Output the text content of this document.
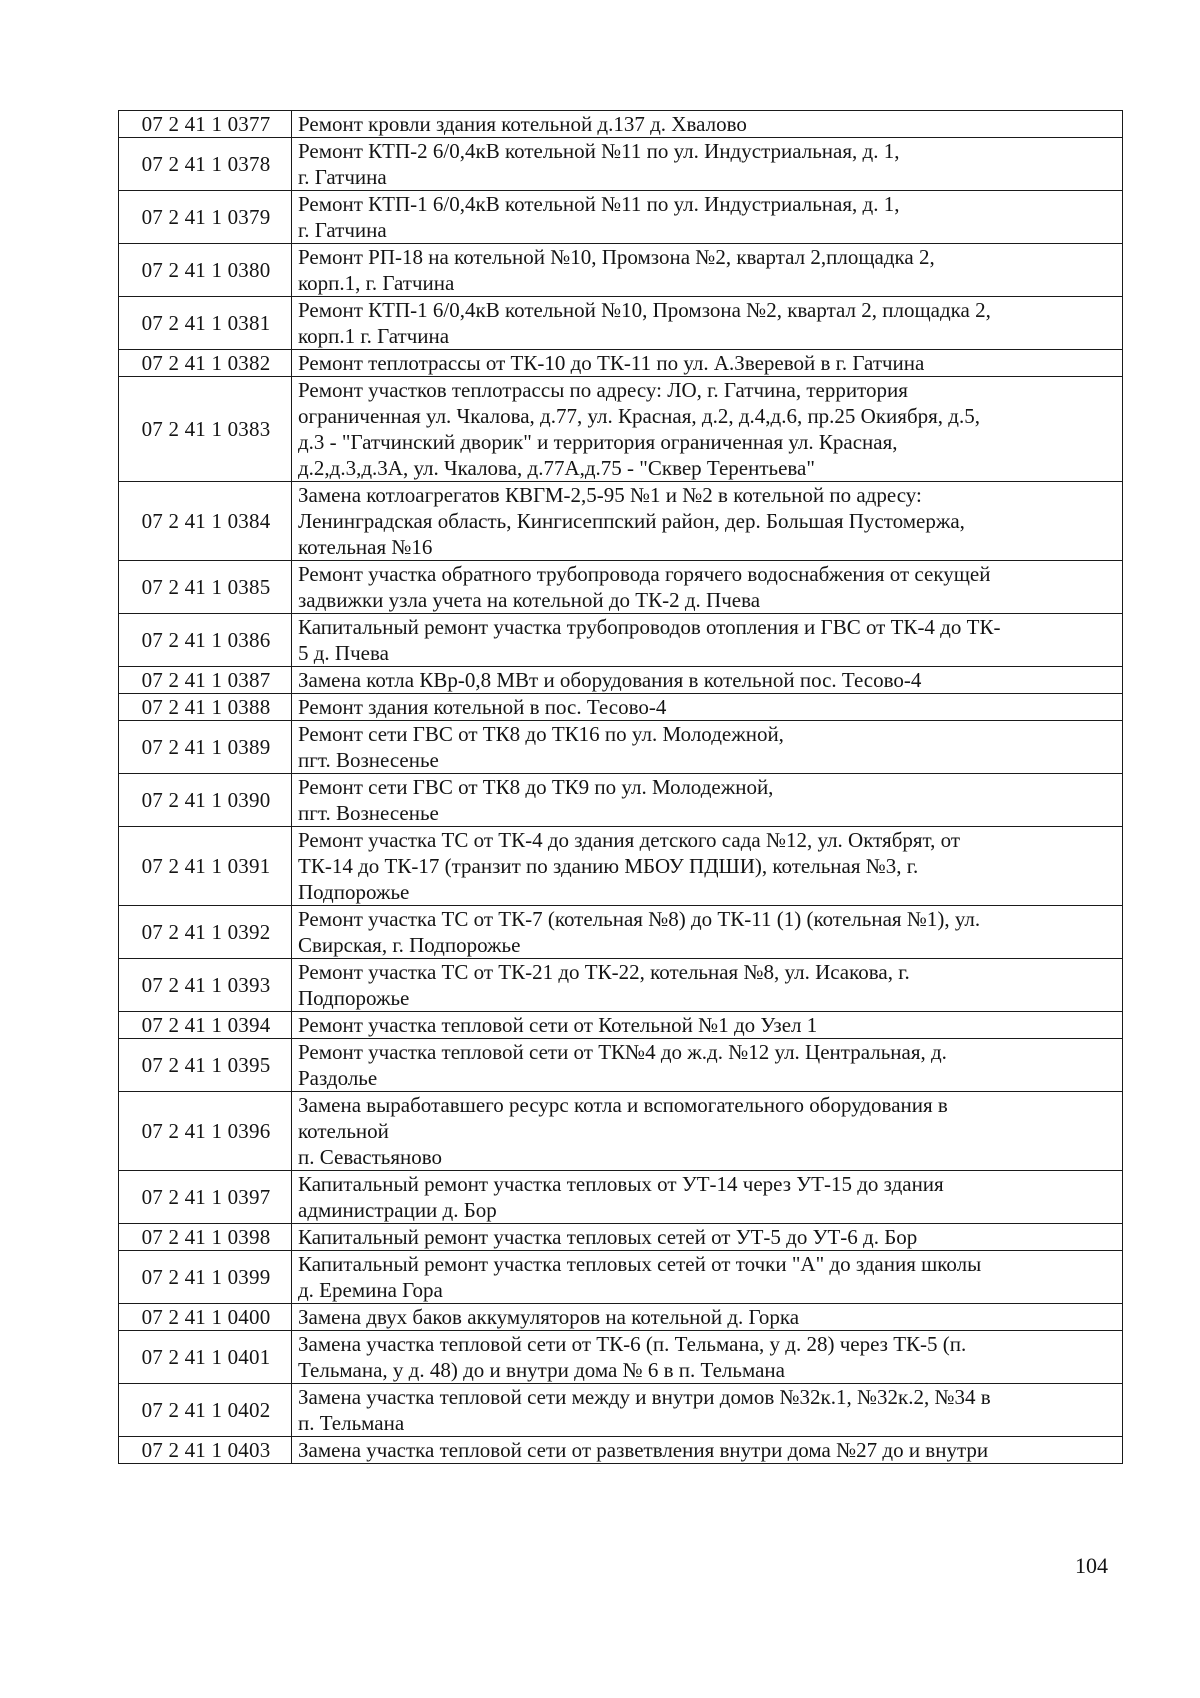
07 2 41 1 0377	Ремонт кровли здания котельной д.137 д. Хвалово
07 2 41 1 0378	Ремонт КТП-2 6/0,4кВ котельной №11 по ул. Индустриальная, д. 1,
г. Гатчина
07 2 41 1 0379	Ремонт КТП-1 6/0,4кВ котельной №11 по ул. Индустриальная, д. 1,
г. Гатчина
07 2 41 1 0380	Ремонт РП-18 на котельной №10, Промзона №2, квартал 2,площадка 2,
корп.1, г. Гатчина
07 2 41 1 0381	Ремонт КТП-1 6/0,4кВ котельной №10, Промзона №2, квартал 2, площадка 2,
корп.1 г. Гатчина
07 2 41 1 0382	Ремонт теплотрассы от ТК-10 до ТК-11 по ул. А.Зверевой в г. Гатчина
07 2 41 1 0383	Ремонт участков теплотрассы по адресу: ЛО, г. Гатчина, территория
ограниченная ул. Чкалова, д.77, ул. Красная, д.2, д.4,д.6, пр.25 Окиября, д.5,
д.3 - "Гатчинский дворик" и территория ограниченная ул. Красная,
д.2,д.3,д.3А, ул. Чкалова, д.77А,д.75 - "Сквер Терентьева"
07 2 41 1 0384	Замена котлоагрегатов КВГМ-2,5-95 №1 и №2 в котельной по адресу:
Ленинградская область, Кингисеппский район, дер. Большая Пустомержа,
котельная №16
07 2 41 1 0385	Ремонт участка обратного трубопровода горячего водоснабжения от секущей
задвижки узла учета на котельной до ТК-2 д. Пчева
07 2 41 1 0386	Капитальный ремонт участка трубопроводов отопления и ГВС от ТК-4 до ТК-
5 д. Пчева
07 2 41 1 0387	Замена котла КВр-0,8 МВт и оборудования в котельной пос. Тесово-4
07 2 41 1 0388	Ремонт здания котельной в пос. Тесово-4
07 2 41 1 0389	Ремонт сети ГВС от ТК8 до ТК16 по ул. Молодежной,
пгт. Вознесенье
07 2 41 1 0390	Ремонт сети ГВС от ТК8 до ТК9 по ул. Молодежной,
пгт. Вознесенье
07 2 41 1 0391	Ремонт участка ТС от ТК-4 до здания детского сада №12, ул. Октябрят, от
ТК-14 до ТК-17 (транзит по зданию МБОУ ПДШИ), котельная №3, г.
Подпорожье
07 2 41 1 0392	Ремонт участка ТС от ТК-7 (котельная №8) до ТК-11 (1) (котельная №1), ул.
Свирская, г. Подпорожье
07 2 41 1 0393	Ремонт участка ТС от ТК-21 до ТК-22, котельная №8, ул. Исакова, г.
Подпорожье
07 2 41 1 0394	Ремонт участка тепловой сети от Котельной №1 до Узел 1
07 2 41 1 0395	Ремонт участка тепловой сети от ТК№4 до ж.д. №12 ул. Центральная, д.
Раздолье
07 2 41 1 0396	Замена выработавшего ресурс котла и вспомогательного оборудования в
котельной
п. Севастьяново
07 2 41 1 0397	Капитальный ремонт участка тепловых от УТ-14 через УТ-15 до здания
администрации д. Бор
07 2 41 1 0398	Капитальный ремонт участка тепловых сетей от УТ-5 до УТ-6 д. Бор
07 2 41 1 0399	Капитальный ремонт участка тепловых сетей от точки "А" до здания школы
д. Еремина Гора
07 2 41 1 0400	Замена двух баков аккумуляторов на котельной д. Горка
07 2 41 1 0401	Замена участка тепловой сети от ТК-6 (п. Тельмана, у д. 28) через ТК-5 (п.
Тельмана, у д. 48) до и внутри дома № 6 в п. Тельмана
07 2 41 1 0402	Замена участка тепловой сети между и внутри домов №32к.1, №32к.2, №34 в
п. Тельмана
07 2 41 1 0403	Замена участка тепловой сети от разветвления внутри дома №27 до и внутри
104
